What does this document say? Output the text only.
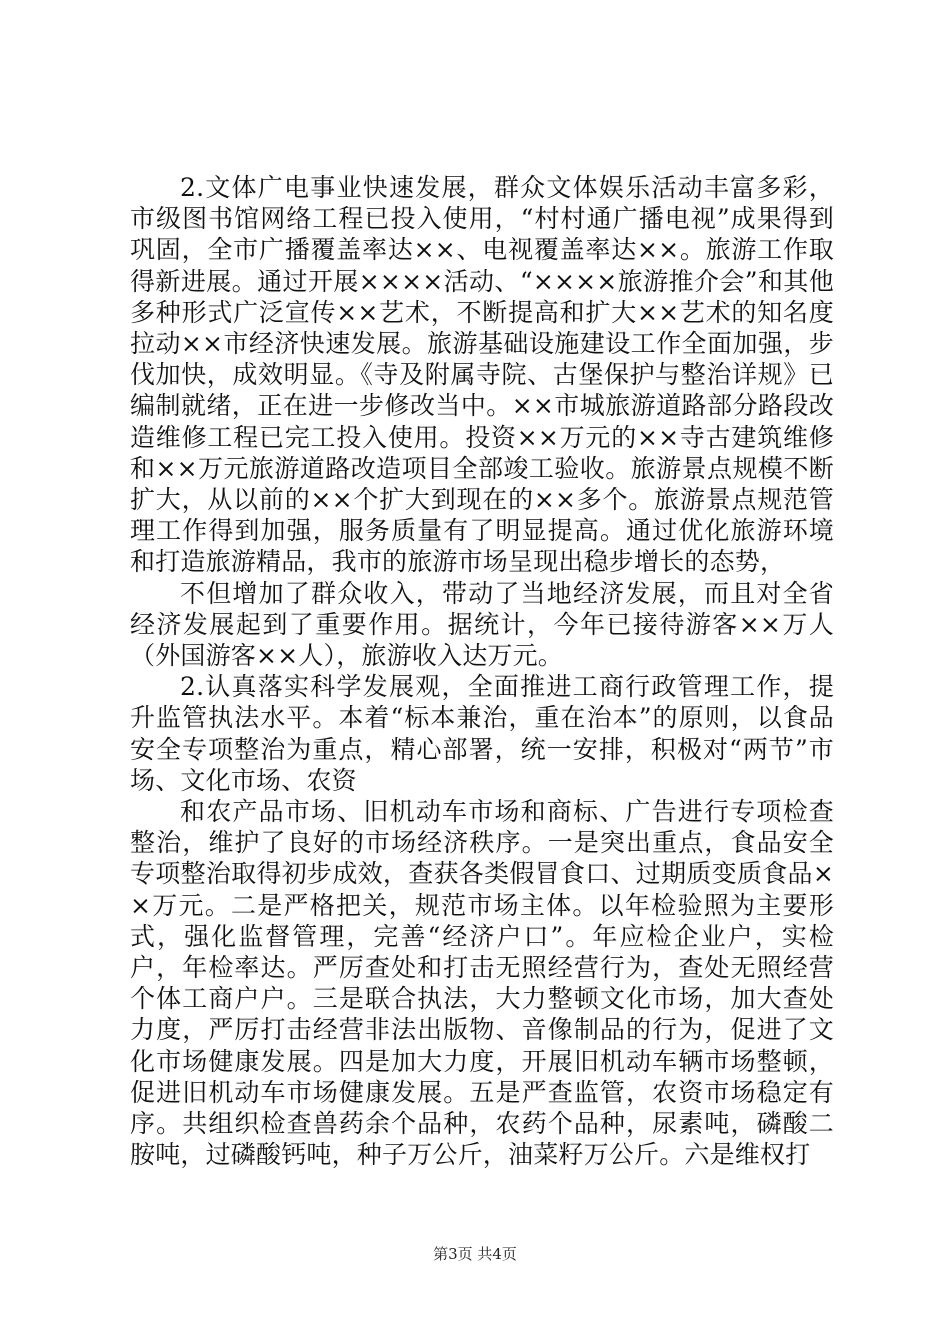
2.文体广电事业快速发展，群众文体娱乐活动丰富多彩，市级图书馆网络工程已投入使用，“村村通广播电视”成果得到巩固，全市广播覆盖率达××、电视覆盖率达××。旅游工作取得新进展。通过开展××××活动、“××××旅游推介会”和其他多种形式广泛宣传××艺术，不断提高和扩大××艺术的知名度拉动××市经济快速发展。旅游基础设施建设工作全面加强，步伐加快，成效明显。《寺及附属寺院、古堡保护与整治详规》已编制就绪，正在进一步修改当中。××市城旅游道路部分路段改造维修工程已完工投入使用。投资××万元的××寺古建筑维修和××万元旅游道路改造项目全部竣工验收。旅游景点规模不断扩大，从以前的××个扩大到现在的××多个。旅游景点规范管理工作得到加强，服务质量有了明显提高。通过优化旅游环境和打造旅游精品，我市的旅游市场呈现出稳步增长的态势，

不但增加了群众收入，带动了当地经济发展，而且对全省经济发展起到了重要作用。据统计，今年已接待游客××万人（外国游客××人），旅游收入达万元。

2.认真落实科学发展观，全面推进工商行政管理工作，提升监管执法水平。本着“标本兼治，重在治本”的原则，以食品安全专项整治为重点，精心部署，统一安排，积极对“两节”市场、文化市场、农资

和农产品市场、旧机动车市场和商标、广告进行专项检查整治，维护了良好的市场经济秩序。一是突出重点，食品安全专项整治取得初步成效，查获各类假冒食口、过期质变质食品××万元。二是严格把关，规范市场主体。以年检验照为主要形式，强化监督管理，完善“经济户口”。年应检企业户，实检户，年检率达。严厉查处和打击无照经营行为，查处无照经营个体工商户户。三是联合执法，大力整顿文化市场，加大查处力度，严厉打击经营非法出版物、音像制品的行为，促进了文化市场健康发展。四是加大力度，开展旧机动车辆市场整顿，促进旧机动车市场健康发展。五是严查监管，农资市场稳定有序。共组织检查兽药余个品种，农药个品种，尿素吨，磷酸二胺吨，过磷酸钙吨，种子万公斤，油菜籽万公斤。六是维权打

第3页 共4页
